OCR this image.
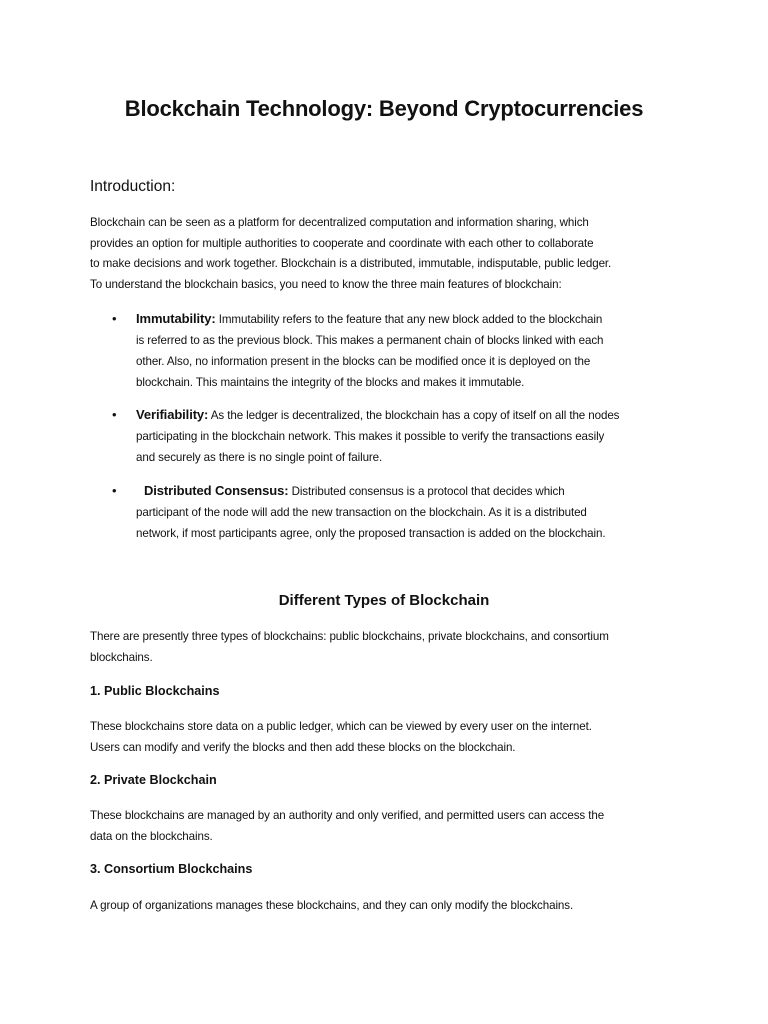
Blockchain Technology: Beyond Cryptocurrencies
Introduction:
Blockchain can be seen as a platform for decentralized computation and information sharing, which
provides an option for multiple authorities to cooperate and coordinate with each other to collaborate
to make decisions and work together. Blockchain is a distributed, immutable, indisputable, public ledger.
To understand the blockchain basics, you need to know the three main features of blockchain:
•	Immutability: Immutability refers to the feature that any new block added to the blockchain
is referred to as the previous block. This makes a permanent chain of blocks linked with each
other. Also, no information present in the blocks can be modified once it is deployed on the
blockchain. This maintains the integrity of the blocks and makes it immutable.
•	Verifiability: As the ledger is decentralized, the blockchain has a copy of itself on all the nodes
participating in the blockchain network. This makes it possible to verify the transactions easily
and securely as there is no single point of failure.
•	Distributed Consensus: Distributed consensus is a protocol that decides which
participant of the node will add the new transaction on the blockchain. As it is a distributed
network, if most participants agree, only the proposed transaction is added on the blockchain.
Different Types of Blockchain
There are presently three types of blockchains: public blockchains, private blockchains, and consortium
blockchains.
1. Public Blockchains
These blockchains store data on a public ledger, which can be viewed by every user on the internet.
Users can modify and verify the blocks and then add these blocks on the blockchain.
2. Private Blockchain
These blockchains are managed by an authority and only verified, and permitted users can access the
data on the blockchains.
3. Consortium Blockchains
A group of organizations manages these blockchains, and they can only modify the blockchains.
